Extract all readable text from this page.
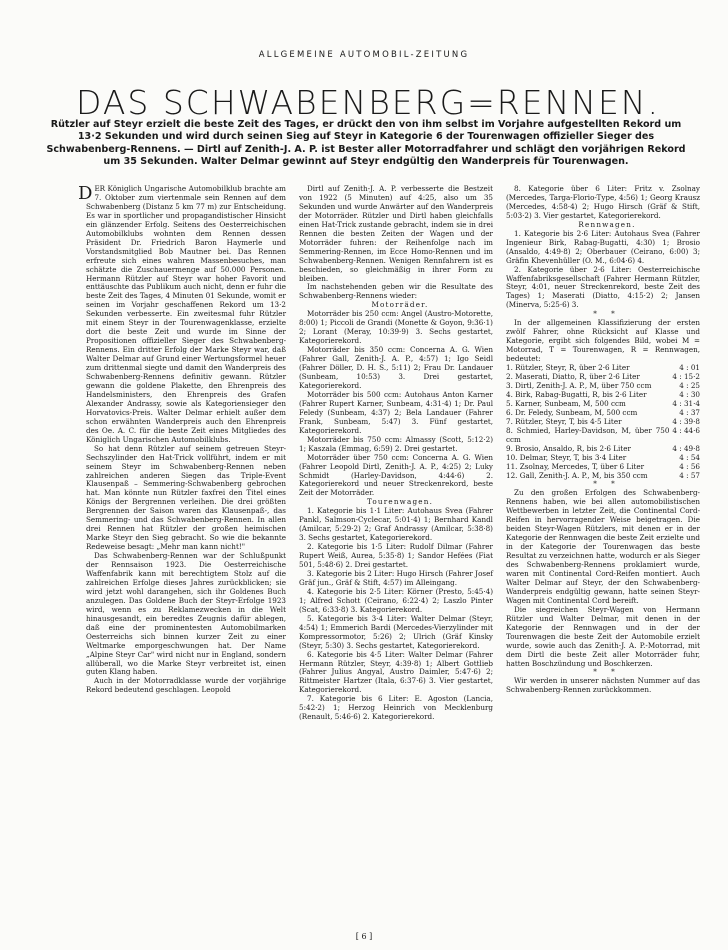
ALLGEMEINE AUTOMOBIL-ZEITUNG
DAS SCHWABENBERG=RENNEN.
Rützler auf Steyr erzielt die beste Zeit des Tages, er drückt den von ihm selbst im Vorjahre aufgestellten Rekord um 13·2 Sekunden und wird durch seinen Sieg auf Steyr in Kategorie 6 der Tourenwagen offizieller Sieger des Schwabenberg-Rennens. — Dirtl auf Zenith-J. A. P. ist Bester aller Motorradfahrer und schlägt den vorjährigen Rekord um 35 Sekunden. Walter Delmar gewinnt auf Steyr endgültig den Wanderpreis für Tourenwagen.

DER Königlich Ungarische Automobilklub brachte am 7. Oktober zum viertenmale sein Rennen auf dem Schwabenberg (Distanz 5 km 77 m) zur Entscheidung. Es war in sportlicher und propagandistischer Hinsicht ein glänzender Erfolg. Seitens des Oesterreichischen Automobilklubs wohnten dem Rennen dessen Präsident Dr. Friedrich Baron Haymerle und Vorstandsmitglied Bob Mautner bei. Das Rennen erfreute sich eines wahren Massenbesuches, man schätzte die Zuschauermenge auf 50.000 Personen. Hermann Rützler auf Steyr war hoher Favorit und enttäuschte das Publikum auch nicht, denn er fuhr die beste Zeit des Tages, 4 Minuten 01 Sekunde, womit er seinen im Vorjahr geschaffenen Rekord um 13·2 Sekunden verbesserte. Ein zweitesmal fuhr Rützler mit einem Steyr in der Tourenwagenklasse, erzielte dort die beste Zeit und wurde im Sinne der Propositionen offizieller Sieger des Schwabenberg-Rennens. Ein dritter Erfolg der Marke Steyr war, daß Walter Delmar auf Grund einer Wertungsformel heuer zum drittenmal siegte und damit den Wanderpreis des Schwabenberg-Rennens definitiv gewann. Rützler gewann die goldene Plakette, den Ehrenpreis des Handelsministers, den Ehrenpreis des Grafen Alexander Andrassy, sowie als Kategoriensieger den Horvatovics-Preis. Walter Delmar erhielt außer dem schon erwähnten Wanderpreis auch den Ehrenpreis des Oe. A. C. für die beste Zeit eines Mitgliedes des Königlich Ungarischen Automobilklubs.

So hat denn Rützler auf seinem getreuen Steyr-Sechszylinder den Hat-Trick vollführt, indem er mit seinem Steyr im Schwabenberg-Rennen neben zahlreichen anderen Siegen das Triple-Event Klausenpaß – Semmering-Schwabenberg gebrochen hat. Man könnte nun Rützler faxfrei den Titel eines Königs der Bergrennen verleihen. Die drei größten Bergrennen der Saison waren das Klausenpaß-, das Semmering- und das Schwabenberg-Rennen. In allen drei Rennen hat Rützler der großen heimischen Marke Steyr den Sieg gebracht. So wie die bekannte Redeweise besagt: „Mehr man kann nicht!"

Das Schwabenberg-Rennen war der Schlußpunkt der Rennsaison 1923. Die Oesterreichische Waffenfabrik kann mit berechtigtem Stolz auf die zahlreichen Erfolge dieses Jahres zurückblicken; sie wird jetzt wohl darangehen, sich ihr Goldenes Buch anzulegen. Das Goldene Buch der Steyr-Erfolge 1923 wird, wenn es zu Reklamezwecken in die Welt hinausgesandt, ein beredtes Zeugnis dafür ablegen, daß eine der prominentesten Automobilmarken Oesterreichs sich binnen kurzer Zeit zu einer Weltmarke emporgeschwungen hat. Der Name „Alpine Steyr Car" wird nicht nur in England, sondern allüberall, wo die Marke Steyr verbreitet ist, einen guten Klang haben.

Auch in der Motorradklasse wurde der vorjährige Rekord bedeutend geschlagen. Leopold

Dirtl auf Zenith-J. A. P. verbesserte die Bestzeit von 1922 (5 Minuten) auf 4:25, also um 35 Sekunden und wurde Anwärter auf den Wanderpreis der Motorräder. Rützler und Dirtl haben gleichfalls einen Hat-Trick zustande gebracht, indem sie in drei Rennen die besten Zeiten der Wagen und der Motorräder fuhren: der Reihenfolge nach im Semmering-Rennen, im Ecce Homo-Rennen und im Schwabenberg-Rennen. Wenigen Rennfahrern ist es beschieden, so gleichmäßig in ihrer Form zu bleiben.

Im nachstehenden geben wir die Resultate des Schwabenberg-Rennens wieder:

Motorräder.

Motorräder bis 250 ccm: Angel (Austro-Motorette, 8:00) 1; Piccoli de Grandi (Monette & Goyon, 9:36·1) 2; Lorant (Meray, 10:39·9) 3. Sechs gestartet, Kategorierekord.

Motorräder bis 350 ccm: Concerna A. G. Wien (Fahrer Gall, Zenith-J. A. P., 4:57) 1; Igo Seidl (Fahrer Döller, D. H. S., 5:11) 2; Frau Dr. Landauer (Sunbeam, 10:53) 3. Drei gestartet, Kategorierekord.

Motorräder bis 500 ccm: Autohaus Anton Karner (Fahrer Rupert Karner, Sunbeam, 4:31·4) 1; Dr. Paul Feledy (Sunbeam, 4:37) 2; Bela Landauer (Fahrer Frank, Sunbeam, 5:47) 3. Fünf gestartet, Kategorierekord.

Motorräder bis 750 ccm: Almassy (Scott, 5:12·2) 1; Kaszala (Emmag, 6:59) 2. Drei gestartet.

Motorräder über 750 ccm: Concerna A. G. Wien (Fahrer Leopold Dirtl, Zenith-J. A. P., 4:25) 2; Luky Schmidt (Harley-Davidson, 4:44·6) 2. Kategorierekord und neuer Streckenrekord, beste Zeit der Motorräder.

Tourenwagen.

1. Kategorie bis 1·1 Liter: Autohaus Svea (Fahrer Pankl, Salmson-Cyclecar, 5:01·4) 1; Bernhard Kandl (Amilcar, 5:29·2) 2; Graf Andrassy (Amilcar, 5:38·8) 3. Sechs gestartet, Kategorierekord.

2. Kategorie bis 1·5 Liter: Rudolf Dilmar (Fahrer Rupert Weiß, Aurea, 5:35·8) 1; Sandor Hefées (Fiat 501, 5:48·6) 2. Drei gestartet.

3. Kategorie bis 2 Liter: Hugo Hirsch (Fahrer Josef Gräf jun., Gräf & Stift, 4:57) im Alleingang.

4. Kategorie bis 2·5 Liter: Körner (Presto, 5:45·4) 1; Alfred Schott (Ceirano, 6:22·4) 2; Laszlo Pinter (Scat, 6:33·8) 3. Kategorierekord.

5. Kategorie bis 3·4 Liter: Walter Delmar (Steyr, 4:54) 1; Emmerich Bardi (Mercedes-Vierzylinder mit Kompressormotor, 5:26) 2; Ulrich (Gräf Kinsky (Steyr, 5:30) 3. Sechs gestartet, Kategorierekord.

6. Kategorie bis 4·5 Liter: Walter Delmar (Fahrer Hermann Rützler, Steyr, 4:39·8) 1; Albert Gottlieb (Fahrer Julius Angyal, Austro Daimler, 5:47·6) 2; Rittmeister Hartzer (Itala, 6:37·6) 3. Vier gestartet, Kategorierekord.

7. Kategorie bis 6 Liter: E. Agoston (Lancia, 5:42·2) 1; Herzog Heinrich von Mecklenburg (Renault, 5:46·6) 2. Kategorierekord.

8. Kategorie über 6 Liter: Fritz v. Zsolnay (Mercedes, Targa-Florio-Type, 4:56) 1; Georg Krausz (Mercedes, 4:58·4) 2; Hugo Hirsch (Gräf & Stift, 5:03·2) 3. Vier gestartet, Kategorierekord.

Rennwagen.

1. Kategorie bis 2·6 Liter: Autohaus Svea (Fahrer Ingenieur Birk, Rabag-Bugatti, 4:30) 1; Brosio (Ansaldo, 4:49·8) 2; Oberbauer (Ceirano, 6:00) 3; Gräfin Khevenhüller (O. M., 6:04·6) 4.

2. Kategorie über 2·6 Liter: Oesterreichische Waffenfabriksgesellschaft (Fahrer Hermann Rützler, Steyr, 4:01, neuer Streckenrekord, beste Zeit des Tages) 1; Maserati (Diatto, 4:15·2) 2; Jansen (Minerva, 5:25·6) 3.

* *

In der allgemeinen Klassifizierung der ersten zwölf Fahrer, ohne Rücksicht auf Klasse und Kategorie, ergibt sich folgendes Bild, wobei M = Motorrad, T = Tourenwagen, R = Rennwagen, bedeutet:

1. Rützler, Steyr, R, über 2·6 Liter	4 : 01
2. Maserati, Diatto, R, über 2·6 Liter	4 : 15·2
3. Dirtl, Zenith-J. A. P., M, über 750 ccm	4 : 25
4. Birk, Rabag-Bugatti, R, bis 2·6 Liter	4 : 30
5. Karner, Sunbeam, M, 500 ccm	4 : 31·4
6. Dr. Feledy, Sunbeam, M, 500 ccm	4 : 37
7. Rützler, Steyr, T, bis 4·5 Liter	4 : 39·8
8. Schmied, Harley-Davidson, M, über 750 ccm	4 : 44·6
9. Brosio, Ansaldo, R, bis 2·6 Liter	4 : 49·8
10. Delmar, Steyr, T, bis 3·4 Liter	4 : 54
11. Zsolnay, Mercedes, T, über 6 Liter	4 : 56
12. Gall, Zenith-J. A. P., M, bis 350 ccm	4 : 57

* *

Zu den großen Erfolgen des Schwabenberg-Rennens haben, wie bei allen automobilistischen Wettbewerben in letzter Zeit, die Continental Cord-Reifen in hervorragender Weise beigetragen. Die beiden Steyr-Wagen Rützlers, mit denen er in der Kategorie der Rennwagen die beste Zeit erzielte und in der Kategorie der Tourenwagen das beste Resultat zu verzeichnen hatte, wodurch er als Sieger des Schwabenberg-Rennens proklamiert wurde, waren mit Continental Cord-Reifen montiert. Auch Walter Delmar auf Steyr, der den Schwabenberg-Wanderpreis endgültig gewann, hatte seinen Steyr-Wagen mit Continental Cord bereift.

Die siegreichen Steyr-Wagen von Hermann Rützler und Walter Delmar, mit denen in der Kategorie der Rennwagen und in der der Tourenwagen die beste Zeit der Automobile erzielt wurde, sowie auch das Zenith-J. A. P.-Motorrad, mit dem Dirtl die beste Zeit aller Motorräder fuhr, hatten Boschzündung und Boschkerzen.

* *

Wir werden in unserer nächsten Nummer auf das Schwabenberg-Rennen zurückkommen.

[ 6 ]
